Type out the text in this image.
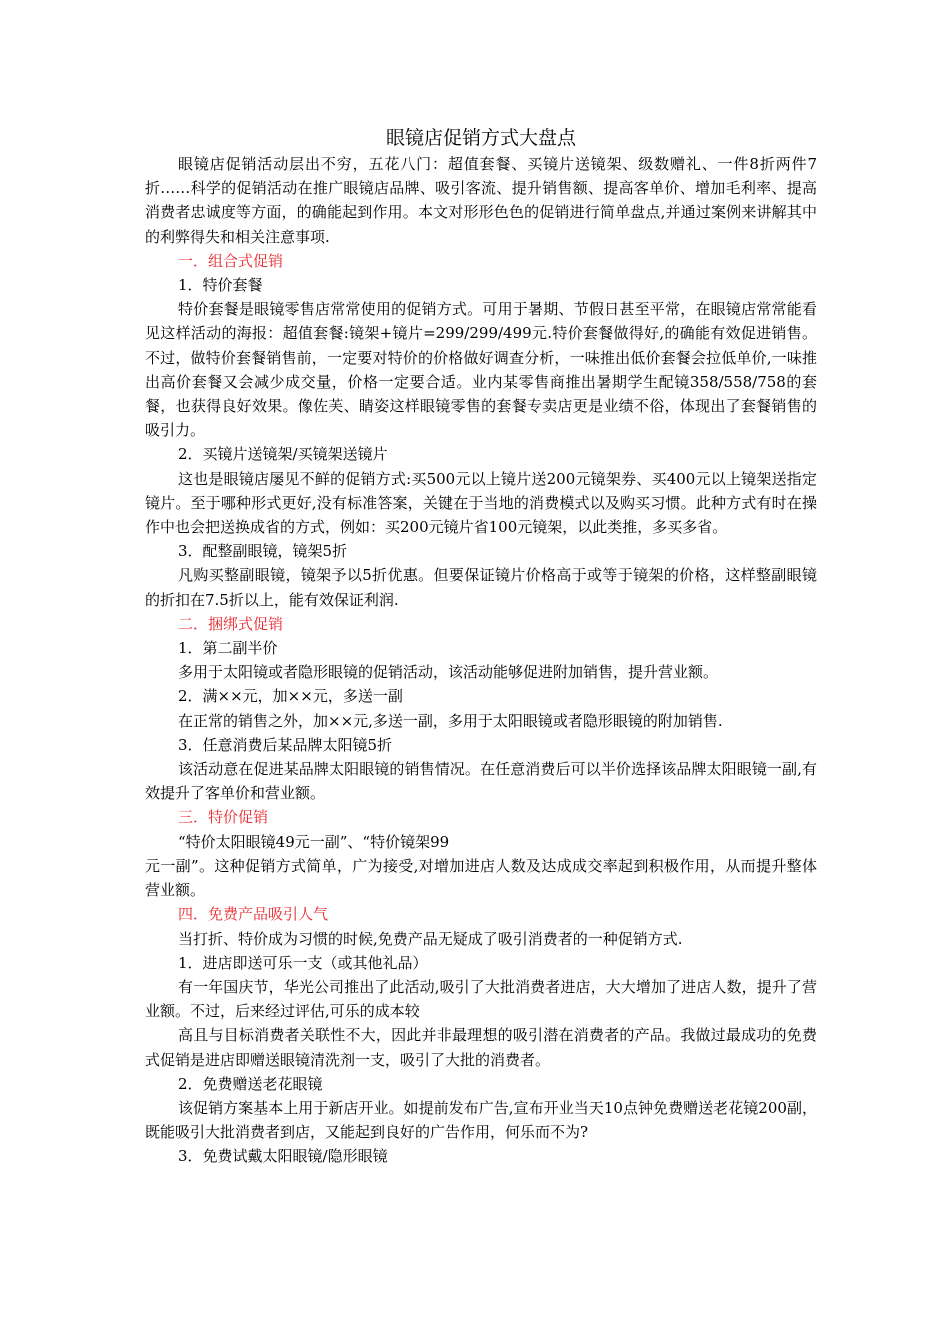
眼镜店促销方式大盘点

眼镜店促销活动层出不穷，五花八门：超值套餐、买镜片送镜架、级数赠礼、一件8折两件7折……科学的促销活动在推广眼镜店品牌、吸引客流、提升销售额、提高客单价、增加毛利率、提高消费者忠诚度等方面，的确能起到作用。本文对形形色色的促销进行简单盘点,并通过案例来讲解其中的利弊得失和相关注意事项.

一．组合式促销

1．特价套餐

特价套餐是眼镜零售店常常使用的促销方式。可用于暑期、节假日甚至平常，在眼镜店常常能看见这样活动的海报：超值套餐:镜架+镜片=299/299/499元.特价套餐做得好,的确能有效促进销售。不过，做特价套餐销售前，一定要对特价的价格做好调查分析，一味推出低价套餐会拉低单价,一味推出高价套餐又会减少成交量，价格一定要合适。业内某零售商推出暑期学生配镜358/558/758的套餐，也获得良好效果。像佐芙、睛姿这样眼镜零售的套餐专卖店更是业绩不俗，体现出了套餐销售的吸引力。

2．买镜片送镜架/买镜架送镜片

这也是眼镜店屡见不鲜的促销方式:买500元以上镜片送200元镜架券、买400元以上镜架送指定镜片。至于哪种形式更好,没有标准答案，关键在于当地的消费模式以及购买习惯。此种方式有时在操作中也会把送换成省的方式，例如：买200元镜片省100元镜架，以此类推，多买多省。

3．配整副眼镜，镜架5折

凡购买整副眼镜，镜架予以5折优惠。但要保证镜片价格高于或等于镜架的价格，这样整副眼镜的折扣在7.5折以上，能有效保证利润.

二．捆绑式促销

1．第二副半价

多用于太阳镜或者隐形眼镜的促销活动，该活动能够促进附加销售，提升营业额。

2．满××元，加××元，多送一副

在正常的销售之外，加××元,多送一副，多用于太阳眼镜或者隐形眼镜的附加销售.

3．任意消费后某品牌太阳镜5折

该活动意在促进某品牌太阳眼镜的销售情况。在任意消费后可以半价选择该品牌太阳眼镜一副,有效提升了客单价和营业额。

三．特价促销

“特价太阳眼镜49元一副”、“特价镜架99

元一副”。这种促销方式简单，广为接受,对增加进店人数及达成成交率起到积极作用，从而提升整体营业额。

四．免费产品吸引人气

当打折、特价成为习惯的时候,免费产品无疑成了吸引消费者的一种促销方式.

1．进店即送可乐一支（或其他礼品）

有一年国庆节，华光公司推出了此活动,吸引了大批消费者进店，大大增加了进店人数，提升了营业额。不过，后来经过评估,可乐的成本较

高且与目标消费者关联性不大，因此并非最理想的吸引潜在消费者的产品。我做过最成功的免费式促销是进店即赠送眼镜清洗剂一支，吸引了大批的消费者。

2．免费赠送老花眼镜

该促销方案基本上用于新店开业。如提前发布广告,宣布开业当天10点钟免费赠送老花镜200副，既能吸引大批消费者到店，又能起到良好的广告作用，何乐而不为?

3．免费试戴太阳眼镜/隐形眼镜
